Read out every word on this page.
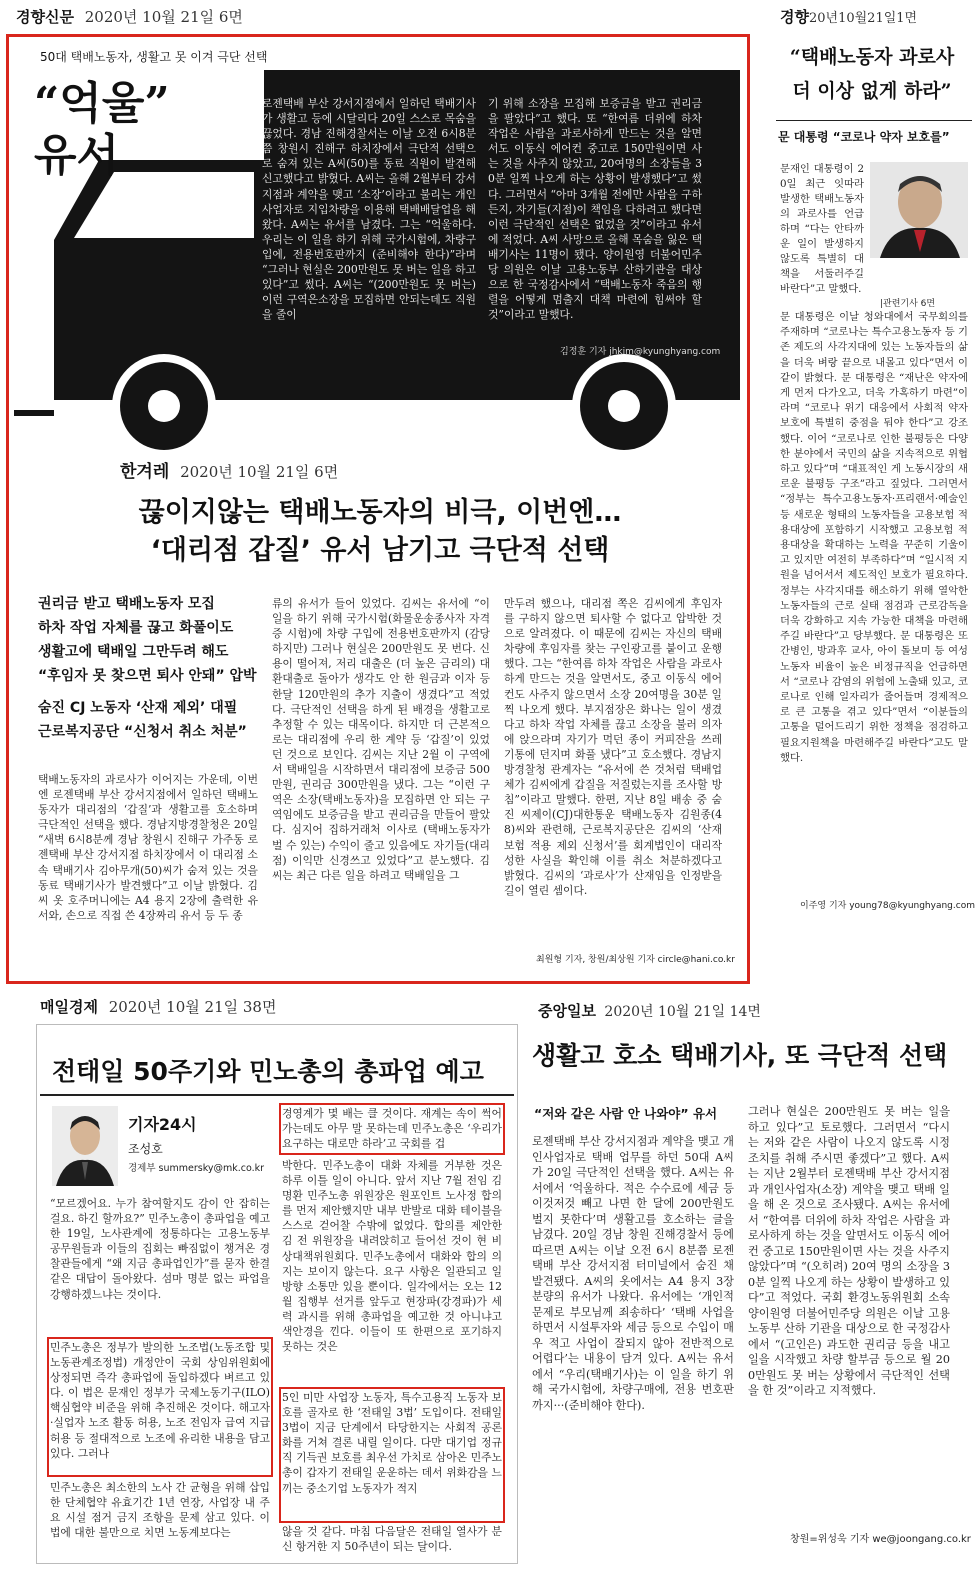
경향신문 2020년 10월 21일 6면	경향20년10월21일1면
50대 택배노동자, 생활고 못 이겨 극단 선택
“억울”
유서
로젠택배 부산 강서지점에서 일하던 택배기사가 생활고 등에 시달리다 20일 스스로 목숨을 끊었다. 경남 진해경찰서는 이날 오전 6시8분쯤 창원시 진해구 하치장에서 극단적 선택으로 숨져 있는 A씨(50)를 동료 직원이 발견해 신고했다고 밝혔다. A씨는 올해 2월부터 강서지점과 계약을 맺고 ‘소장’이라고 불리는 개인사업자로 지입차량을 이용해 택배배달업을 해왔다. A씨는 유서를 남겼다. 그는 “억울하다. 우리는 이 일을 하기 위해 국가시험에, 차량구입에, 전용번호판까지 (준비해야 한다)”라며 “그러나 현실은 200만원도 못 버는 일을 하고 있다”고 썼다. A씨는 “(200만원도 못 버는) 이런 구역은소장을 모집하면 안되는데도 직원을 줄이
기 위해 소장을 모집해 보증금을 받고 권리금을 팔았다”고 했다. 또 “한여름 더위에 하차 작업은 사람을 과로사하게 만드는 것을 알면서도 이동식 에어컨 중고로 150만원이면 사는 것을 사주지 않았고, 20여명의 소장들을 30분 일찍 나오게 하는 상황이 발생했다”고 썼다. 그러면서 “아마 3개월 전에만 사람을 구하든지, 자기들(지점)이 책임을 다하려고 했다면 이런 극단적인 선택은 없었을 것”이라고 유서에 적었다. A씨 사망으로 올해 목숨을 잃은 택배기사는 11명이 됐다. 양이원영 더불어민주당 의원은 이날 고용노동부 산하기관을 대상으로 한 국정감사에서 “택배노동자 죽음의 행렬을 어떻게 멈출지 대책 마련에 힘써야 할 것”이라고 말했다.
김정훈 기자 jhkim@kyunghyang.com
한겨레 2020년 10월 21일 6면
끊이지않는 택배노동자의 비극, 이번엔…
‘대리점 갑질’ 유서 남기고 극단적 선택
권리금 받고 택배노동자 모집
하차 작업 자체를 끊고 화풀이도
생활고에 택배일 그만두려 해도
“후임자 못 찾으면 퇴사 안돼” 압박
숨진 CJ 노동자 ‘산재 제외’ 대필
근로복지공단 “신청서 취소 처분”
택배노동자의 과로사가 이어지는 가운데, 이번엔 로젠택배 부산 강서지점에서 일하던 택배노동자가 대리점의 ‘갑질’과 생활고를 호소하며 극단적인 선택을 했다. 경남지방경찰청은 20일 “새벽 6시8분께 경남 창원시 진해구 가주동 로젠택배 부산 강서지점 하치장에서 이 대리점 소속 택배기사 김아무개(50)씨가 숨져 있는 것을 동료 택배기사가 발견했다”고 이날 밝혔다. 김씨 옷 호주머니에는 A4 용지 2장에 출력한 유서와, 손으로 직접 쓴 4장짜리 유서 등 두 종
류의 유서가 들어 있었다. 김씨는 유서에 “이 일을 하기 위해 국가시험(화물운송종사자 자격증 시험)에 차량 구입에 전용번호판까지 (감당하지만) 그러나 현실은 200만원도 못 번다. 신용이 떨어져, 저리 대출은 (더 높은 금리의) 대환대출로 돌아가 생각도 안 한 원금과 이자 등 한달 120만원의 추가 지출이 생겼다”고 적었다. 극단적인 선택을 하게 된 배경을 생활고로 추정할 수 있는 대목이다. 하지만 더 근본적으로는 대리점에 우리 한 계약 등 ‘갑질’이 있었던 것으로 보인다. 김씨는 지난 2월 이 구역에서 택배일을 시작하면서 대리점에 보증금 500만원, 권리금 300만원을 냈다. 그는 “이런 구역은 소장(택배노동자)을 모집하면 안 되는 구역임에도 보증금을 받고 권리금을 만들어 팔았다. 심지어 집하거래처 이사로 (택배노동자가 벌 수 있는) 수익이 줄고 있음에도 자기들(대리점) 이익만 신경쓰고 있었다”고 분노했다. 김씨는 최근 다른 일을 하려고 택배일을 그
만두려 했으나, 대리점 쪽은 김씨에게 후임자를 구하지 않으면 퇴사할 수 없다고 압박한 것으로 알려졌다. 이 때문에 김씨는 자신의 택배차량에 후임자를 찾는 구인광고를 붙이고 운행했다. 그는 “한여름 하차 작업은 사람을 과로사하게 만드는 것을 알면서도, 중고 이동식 에어컨도 사주지 않으면서 소장 20여명을 30분 일찍 나오게 했다. 부지점장은 화나는 일이 생겼다고 하차 작업 자체를 끊고 소장을 불러 의자에 앉으라며 자기가 먹던 종이 커피잔을 쓰레기통에 던지며 화풀 냈다”고 호소했다. 경남지방경찰청 관계자는 “유서에 쓴 것처럼 택배업체가 김씨에게 갑질을 저질렀는지를 조사할 방침”이라고 말했다. 한편, 지난 8일 배송 중 숨진 씨제이(CJ)대한통운 택배노동자 김원종(48)씨와 관련해, 근로복지공단은 김씨의 ‘산재보험 적용 제외 신청서’를 회계법인이 대리작성한 사실을 확인해 이를 취소 처분하겠다고 밝혔다. 김씨의 ‘과로사’가 산재임을 인정받을 길이 열린 셈이다.
최원형 기자, 창원/최상원 기자 circle@hani.co.kr
“택배노동자 과로사
더 이상 없게 하라”
문 대통령 “코로나 약자 보호를”
문재인 대통령이 20일 최근 잇따라 발생한 택배노동자의 과로사를 언급하며 “다는 안타까운 일이 발생하지 않도록 특별히 대책을 서둘러주길 바란다”고 말했다.
|관련기사 6면
문 대통령은 이날 청와대에서 국무회의를 주재하며 “코로나는 특수고용노동자 등 기존 제도의 사각지대에 있는 노동자들의 삶을 더욱 벼랑 끝으로 내몰고 있다”면서 이같이 밝혔다. 문 대통령은 “재난은 약자에게 먼저 다가오고, 더욱 가혹하기 마련”이라며 “코로나 위기 대응에서 사회적 약자 보호에 특별히 중점을 둬야 한다”고 강조했다. 이어 “코로나로 인한 불평등은 다양한 분야에서 국민의 삶을 지속적으로 위협하고 있다”며 “대표적인 게 노동시장의 새로운 불평등 구조”라고 짚었다. 그러면서 “정부는 특수고용노동자·프리랜서·예술인 등 새로운 형태의 노동자들을 고용보험 적용대상에 포함하기 시작했고 고용보험 적용대상을 확대하는 노력을 꾸준히 기울이고 있지만 여전히 부족하다”며 “일시적 지원을 넘어서서 제도적인 보호가 필요하다. 정부는 사각지대를 해소하기 위해 열악한 노동자들의 근로 실태 점검과 근로감독을 더욱 강화하고 지속 가능한 대책을 마련해주길 바란다”고 당부했다. 문 대통령은 또 간병인, 방과후 교사, 아이 돌보미 등 여성 노동자 비율이 높은 비정규직을 언급하면서 “코로나 감염의 위험에 노출돼 있고, 코로나로 인해 일자리가 줄어들며 경제적으로 큰 고통을 겪고 있다”면서 “이분들의 고통을 덜어드리기 위한 정책을 점검하고 필요지원책을 마련해주길 바란다”고도 말했다.
이주영 기자 young78@kyunghyang.com
매일경제 2020년 10월 21일 38면
전태일 50주기와 민노총의 총파업 예고
기자24시
조성호
경제부 summersky@mk.co.kr
“모르겠어요. 누가 참여할지도 감이 안 잡히는 걸요. 하긴 할까요?” 민주노총이 총파업을 예고한 19일, 노사관계에 정통하다는 고용노동부 공무원들과 이들의 집회는 빠짐없이 챙겨온 경찰관들에게 “왜 지금 총파업인가”를 묻자 한결같은 대답이 돌아왔다. 섬마 명분 없는 파업을 강행하겠느냐는 것이다.
민주노총은 정부가 발의한 노조법(노동조합 및 노동관계조정법) 개정안이 국회 상임위원회에 상정되면 즉각 총파업에 돌입하겠다 벼르고 있다. 이 법은 문재인 정부가 국제노동기구(ILO) 핵심협약 비준을 위해 추진해온 것이다. 해고자·실업자 노조 활동 허용, 노조 전임자 급여 지급 허용 등 절대적으로 노조에 유리한 내용을 담고 있다. 그러나
민주노총은 최소한의 노사 간 균형을 위해 삽입한 단체협약 유효기간 1년 연장, 사업장 내 주요 시설 점거 금지 조항을 문제 삼고 있다. 이 법에 대한 불만으로 치면 노동계보다는
경영계가 몇 배는 클 것이다. 재계는 속이 썩어가는데도 아무 말 못하는데 민주노총은 ‘우리가 요구하는 대로만 하라’고 국회를 겁
박한다. 민주노총이 대화 자체를 거부한 것은 하루 이틀 일이 아니다. 앞서 지난 7월 전임 김명환 민주노총 위원장은 원포인트 노사정 합의를 먼저 제안했지만 내부 반발로 대화 테이블을 스스로 걷어찰 수밖에 없었다. 합의를 제안한 김 전 위원장을 내려앉히고 들어선 것이 현 비상대책위원회다. 민주노총에서 대화와 합의 의지는 보이지 않는다. 요구 사항은 일관되고 일방향 소통만 있을 뿐이다. 일각에서는 오는 12월 집행부 선거를 앞두고 현장파(강경파)가 세력 과시를 위해 총파업을 예고한 것 아니냐고 색안경을 낀다. 이들이 또 한편으로 포기하지 못하는 것은
5인 미만 사업장 노동자, 특수고용직 노동자 보호를 골자로 한 ‘전태일 3법’ 도입이다. 전태일 3법이 지금 단계에서 타당한지는 사회적 공론화를 거쳐 결론 내릴 일이다. 다만 대기업 정규직 기득권 보호를 최우선 가치로 삼아온 민주노총이 갑자기 전태일 운운하는 데서 위화감을 느끼는 중소기업 노동자가 적지
않을 것 같다. 마침 다음달은 전태일 열사가 분신 항거한 지 50주년이 되는 달이다.
중앙일보 2020년 10월 21일 14면
생활고 호소 택배기사, 또 극단적 선택
“저와 같은 사람 안 나와야” 유서
로젠택배 부산 강서지점과 계약을 맺고 개인사업자로 택배 업무를 하던 50대 A씨가 20일 극단적인 선택을 했다. A씨는 유서에서 ‘억울하다. 적은 수수료에 세금 등 이것저것 빼고 나면 한 달에 200만원도 벌지 못한다’며 생활고를 호소하는 글을 남겼다. 20일 경남 창원 진해경찰서 등에 따르면 A씨는 이날 오전 6시 8분쯤 로젠택배 부산 강서지점 터미널에서 숨진 채 발견됐다. A씨의 옷에서는 A4 용지 3장 분량의 유서가 나왔다. 유서에는 ‘개인적 문제로 부모님께 죄송하다’ ‘택배 사업을 하면서 시설투자와 세금 등으로 수입이 매우 적고 사업이 잘되지 않아 전반적으로 어렵다’는 내용이 담겨 있다. A씨는 유서에서 “우리(택배기사)는 이 일을 하기 위해 국가시험에, 차량구매에, 전용 번호판까지···(준비해야 한다).
그러나 현실은 200만원도 못 버는 일을 하고 있다”고 토로했다. 그러면서 “다시는 저와 같은 사람이 나오지 않도록 시정 조치를 취해 주시면 좋겠다”고 했다. A씨는 지난 2월부터 로젠택배 부산 강서지점과 개인사업자(소장) 계약을 맺고 택배 일을 해 온 것으로 조사됐다. A씨는 유서에서 “한여름 더위에 하차 작업은 사람을 과로사하게 하는 것을 알면서도 이동식 에어컨 중고로 150만원이면 사는 것을 사주지 않았다”며 “(오히려) 20여 명의 소장을 30분 일찍 나오게 하는 상황이 발생하고 있다”고 적었다. 국회 환경노동위원회 소속 양이원영 더불어민주당 의원은 이날 고용노동부 산하 기관을 대상으로 한 국정감사에서 “(고인은) 과도한 권리금 등을 내고 일을 시작했고 차량 할부금 등으로 월 200만원도 못 버는 상황에서 극단적인 선택을 한 것”이라고 지적했다.
창원=위성욱 기자 we@joongang.co.kr
